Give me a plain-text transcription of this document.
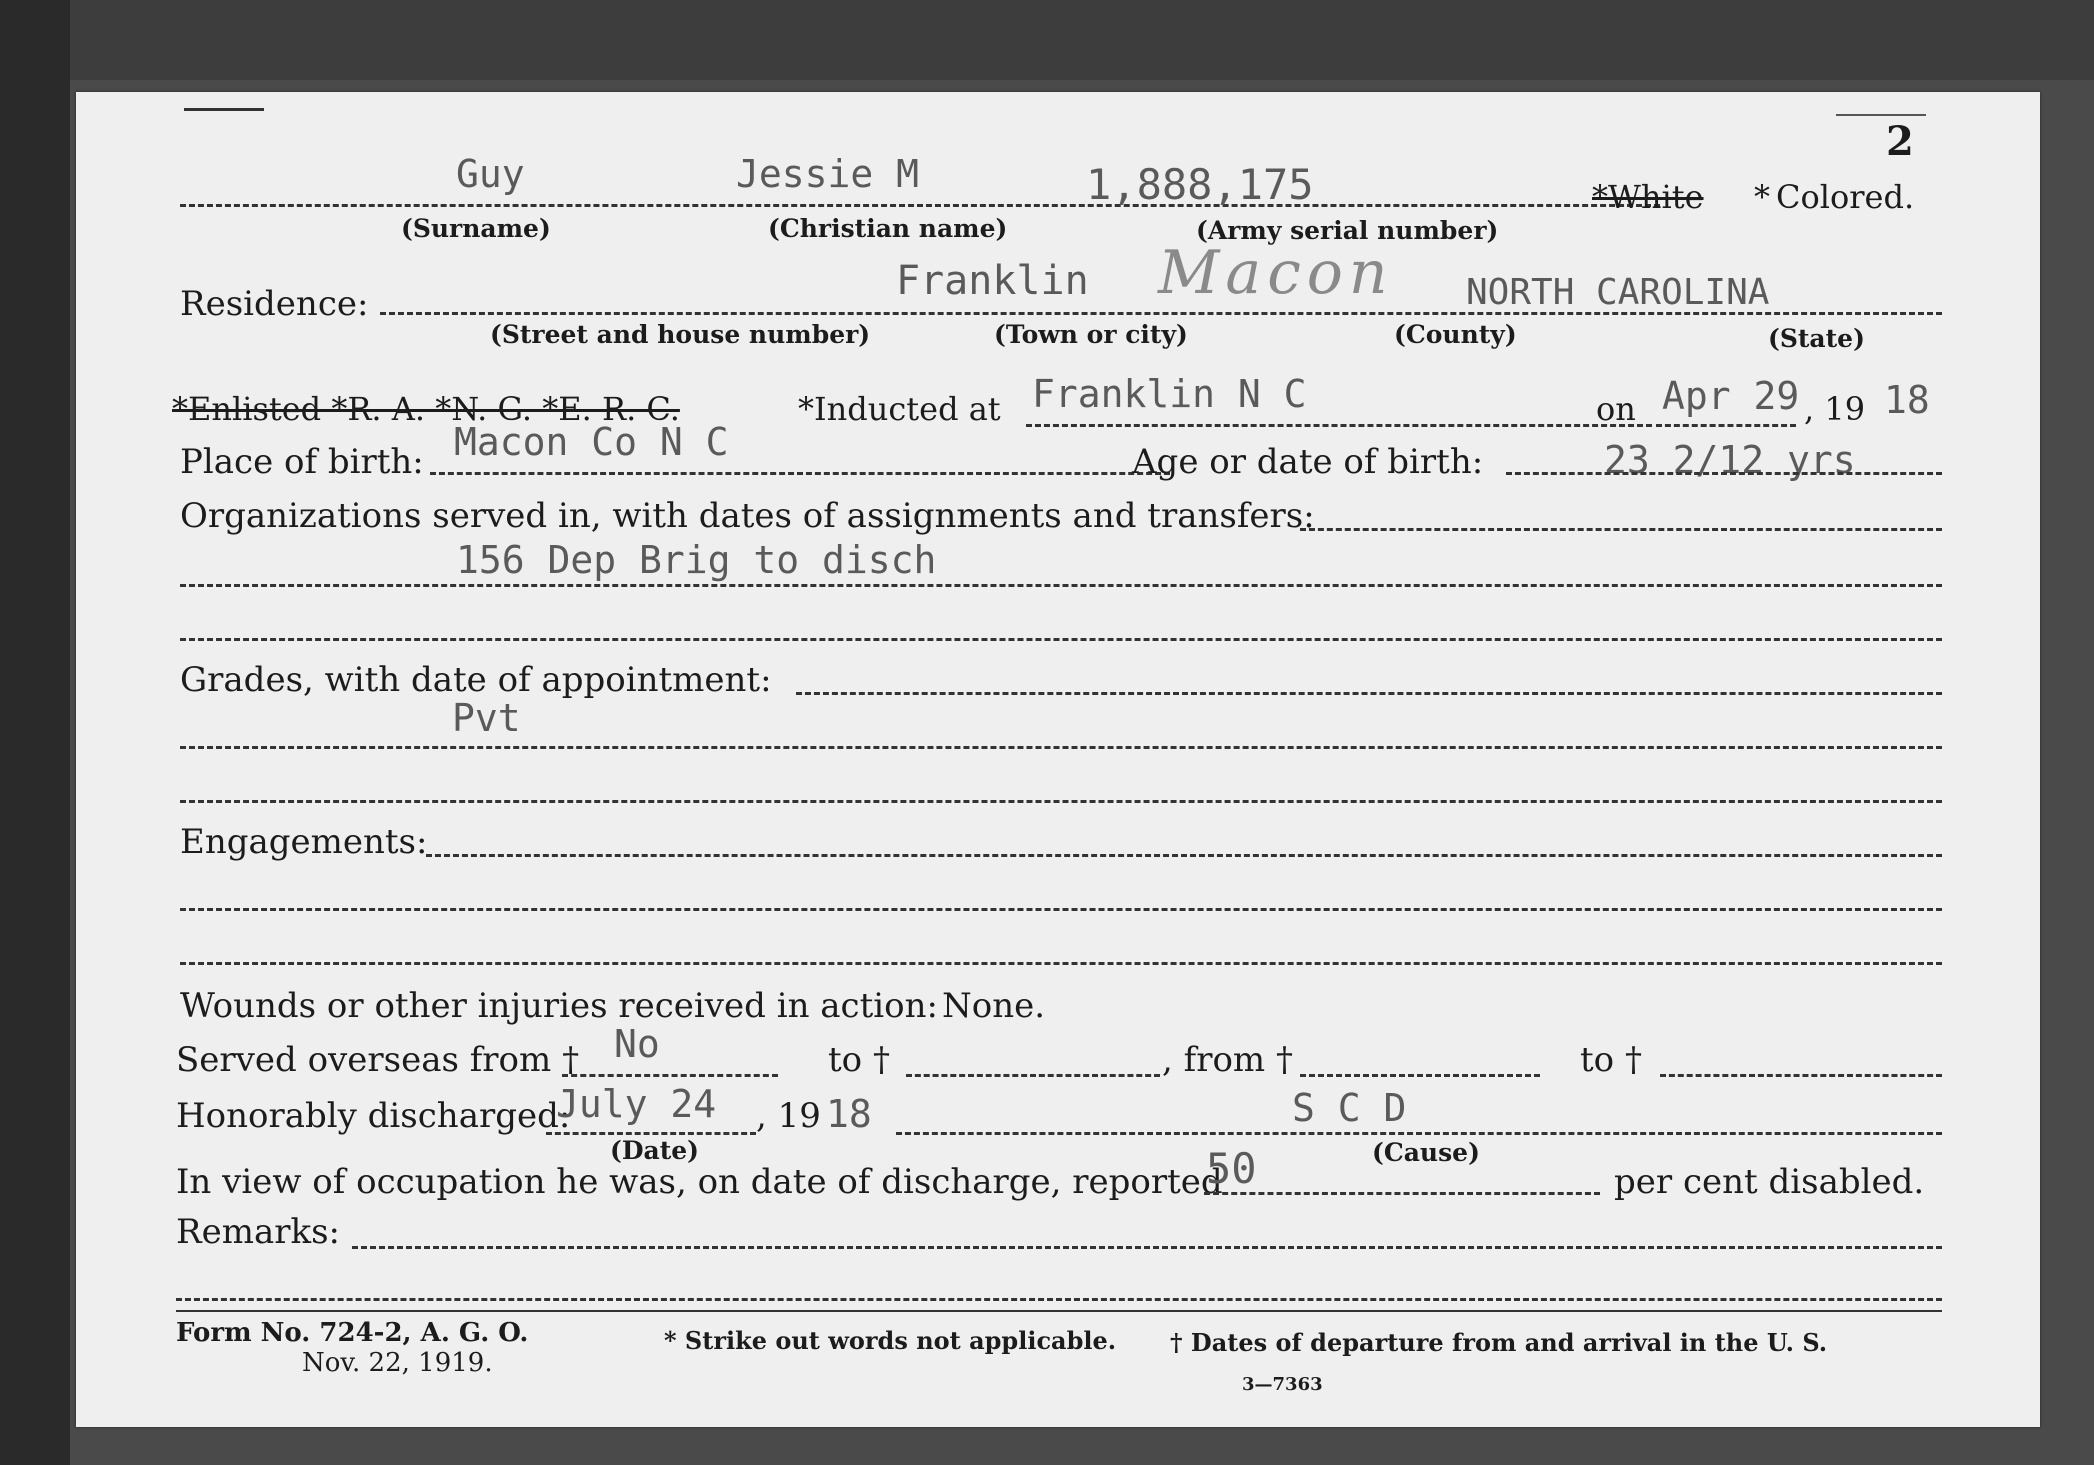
2
Guy	Jessie M	1,888,175	*White * Colored.
(Surname)	(Christian name)	(Army serial number)
Residence:	Franklin Macon NORTH CAROLINA
(Street and house number)	(Town or city)	(County)	(State)
*Enlisted *R. A. *N. G. *E. R. C.	*Inducted at Franklin N C	on Apr 29 , 19 18
Place of birth: Macon Co N C	Age or date of birth:	23 2/12 yrs
Organizations served in, with dates of assignments and transfers:
156 Dep Brig to disch
Grades, with date of appointment:
Pvt
Engagements:
Wounds or other injuries received in action: None.
Served overseas from † No	to †	, from †	to †
Honorably discharged:
July 24 , 19 18	S C D
(Date)	(Cause)
In view of occupation he was, on date of discharge, reported
50	per cent disabled.
Remarks:
Form No. 724-2, A. G. O.
Nov. 22, 1919.
* Strike out words not applicable. † Dates of departure from and arrival in the U. S.
3—7363
